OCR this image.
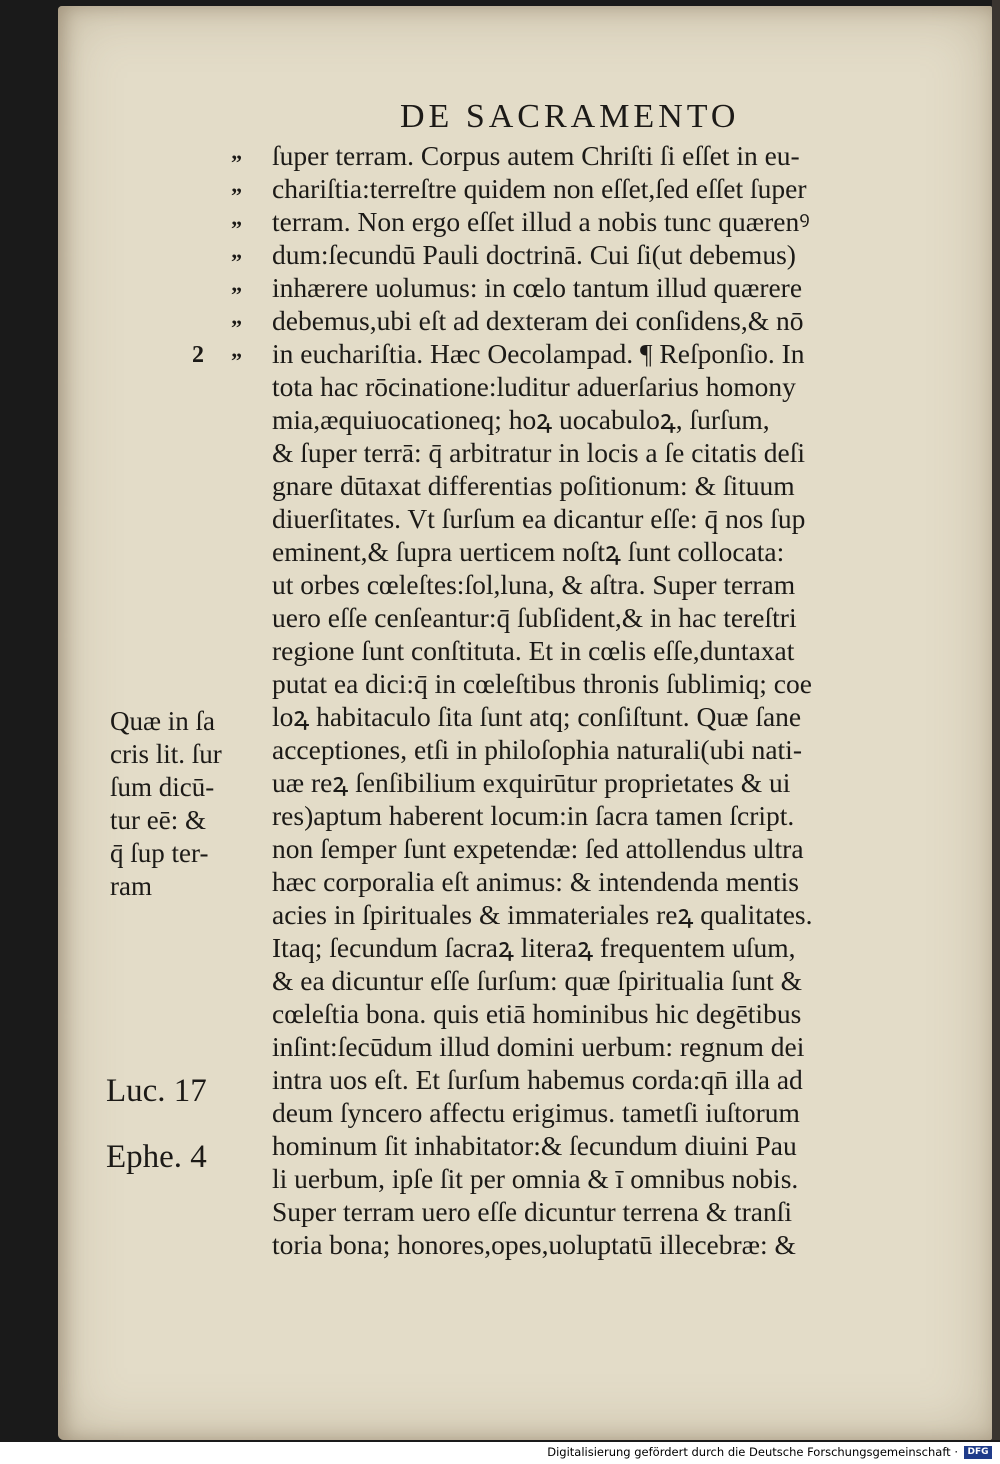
DE SACRAMENTO
”
”
”
”
”
”
”
2
ſuper terram. Corpus autem Chriſti ſi eſſet in eu-
chariſtia:terreſtre quidem non eſſet,ſed eſſet ſuper
terram. Non ergo eſſet illud a nobis tunc quærenꝰ
dum:ſecundū Pauli doctrinā. Cui ſi(ut debemus)
inhærere uolumus: in cœlo tantum illud quærere
debemus,ubi eſt ad dexteram dei conſidens,& nō
in euchariſtia. Hæc Oecolampad. ¶ Reſponſio. In
tota hac rōcinatione:luditur aduerſarius homony
mia,æquiuocationeq; hoꝝ uocabuloꝝ, ſurſum,
& ſuper terrā: q̄ arbitratur in locis a ſe citatis deſi
gnare dūtaxat differentias poſitionum: & ſituum
diuerſitates. Vt ſurſum ea dicantur eſſe: q̄ nos ſup
eminent,& ſupra uerticem noſtꝝ ſunt collocata:
ut orbes cœleſtes:ſol,luna, & aſtra. Super terram
uero eſſe cenſeantur:q̄ ſubſident,& in hac tereſtri
regione ſunt conſtituta. Et in cœlis eſſe,duntaxat
putat ea dici:q̄ in cœleſtibus thronis ſublimiq; coe
loꝝ habitaculo ſita ſunt atq; conſiſtunt. Quæ ſane
acceptiones, etſi in philoſophia naturali(ubi nati-
uæ reꝝ ſenſibilium exquirūtur proprietates & ui
res)aptum haberent locum:in ſacra tamen ſcript.
non ſemper ſunt expetendæ: ſed attollendus ultra
hæc corporalia eſt animus: & intendenda mentis
acies in ſpirituales & immateriales reꝝ qualitates.
Itaq; ſecundum ſacraꝝ literaꝝ frequentem uſum,
& ea dicuntur eſſe ſurſum: quæ ſpiritualia ſunt &
cœleſtia bona. quis etiā hominibus hic degētibus
inſint:ſecūdum illud domini uerbum: regnum dei
intra uos eſt. Et ſurſum habemus corda:qn̄ illa ad
deum ſyncero affectu erigimus. tametſi iuſtorum
hominum ſit inhabitator:& ſecundum diuini Pau
li uerbum, ipſe ſit per omnia & ī omnibus nobis.
Super terram uero eſſe dicuntur terrena & tranſi
toria bona; honores,opes,uoluptatū illecebræ: &
Quæ in ſa
cris lit. ſur
ſum dicū-
tur eē: &
q̄ ſup ter-
ram
Luc. 17
Ephe. 4
Digitalisierung gefördert durch die Deutsche Forschungsgemeinschaft ·	DFG
